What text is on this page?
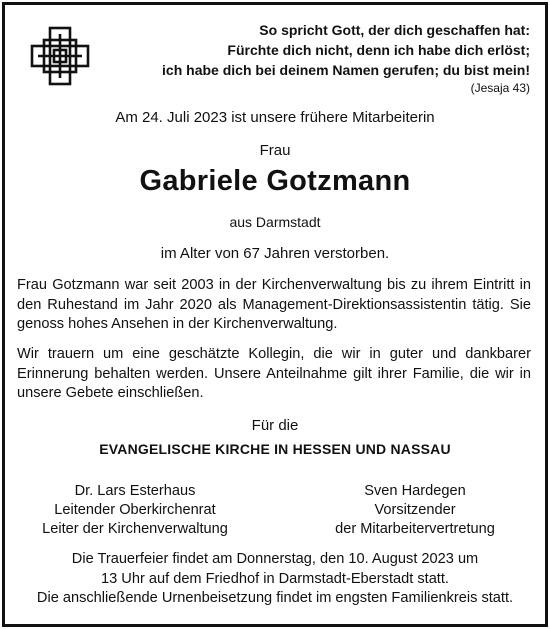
So spricht Gott, der dich geschaffen hat:
Fürchte dich nicht, denn ich habe dich erlöst;
ich habe dich bei deinem Namen gerufen; du bist mein!
(Jesaja 43)
Am 24. Juli 2023 ist unsere frühere Mitarbeiterin
Frau
Gabriele Gotzmann
aus Darmstadt
im Alter von 67 Jahren verstorben.
Frau Gotzmann war seit 2003 in der Kirchenverwaltung bis zu ihrem Eintritt in den Ruhestand im Jahr 2020 als Management-Direktionsassistentin tätig. Sie genoss hohes Ansehen in der Kirchenverwaltung.
Wir trauern um eine geschätzte Kollegin, die wir in guter und dankbarer Erinnerung behalten werden. Unsere Anteilnahme gilt ihrer Familie, die wir in unsere Gebete einschließen.
Für die
EVANGELISCHE KIRCHE IN HESSEN UND NASSAU
Dr. Lars Esterhaus
Leitender Oberkirchenrat
Leiter der Kirchenverwaltung
Sven Hardegen
Vorsitzender
der Mitarbeitervertretung
Die Trauerfeier findet am Donnerstag, den 10. August 2023 um
13 Uhr auf dem Friedhof in Darmstadt-Eberstadt statt.
Die anschließende Urnenbeisetzung findet im engsten Familienkreis statt.
